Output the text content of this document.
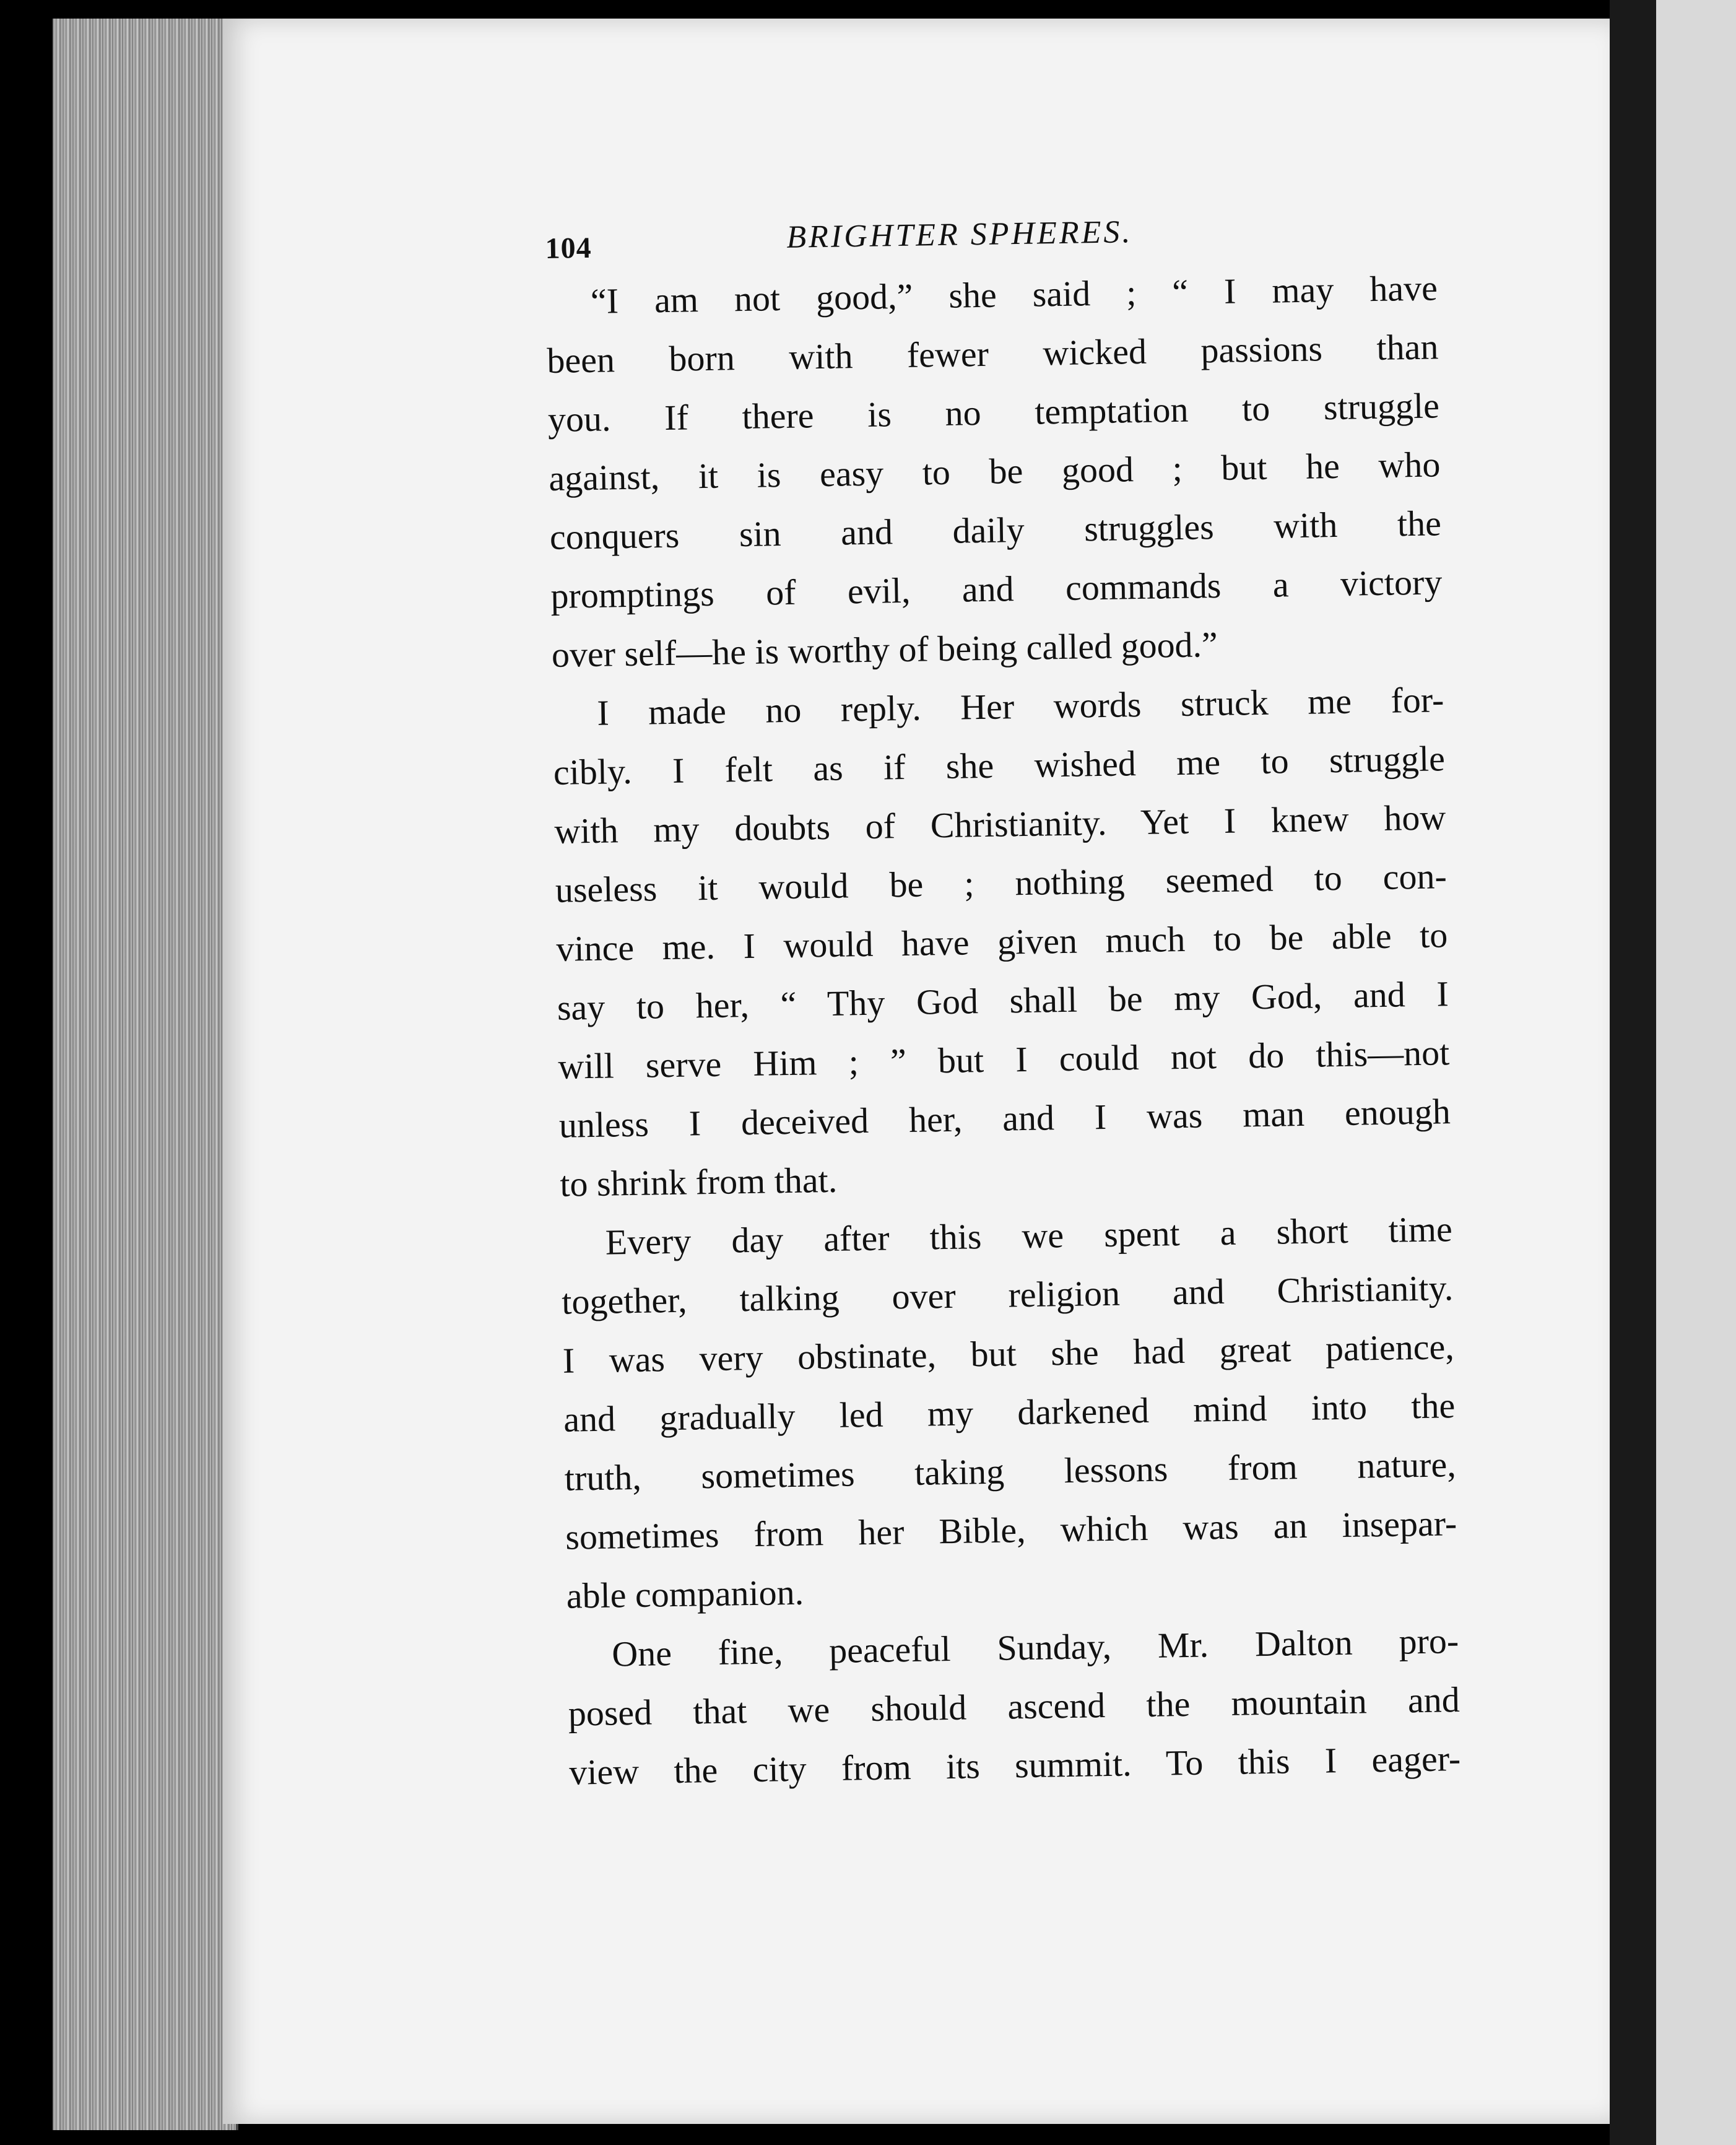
104	BRIGHTER SPHERES.

“I am not good,” she said ; “ I may have
been born with fewer wicked passions than
you. If there is no temptation to struggle
against, it is easy to be good ; but he who
conquers sin and daily struggles with the
promptings of evil, and commands a victory
over self—he is worthy of being called good.”

I made no reply. Her words struck me for-
cibly. I felt as if she wished me to struggle
with my doubts of Christianity. Yet I knew how
useless it would be ; nothing seemed to con-
vince me. I would have given much to be able to
say to her, “ Thy God shall be my God, and I
will serve Him ; ” but I could not do this—not
unless I deceived her, and I was man enough
to shrink from that.

Every day after this we spent a short time
together, talking over religion and Christianity.
I was very obstinate, but she had great patience,
and gradually led my darkened mind into the
truth, sometimes taking lessons from nature,
sometimes from her Bible, which was an insepar-
able companion.

One fine, peaceful Sunday, Mr. Dalton pro-
posed that we should ascend the mountain and
view the city from its summit. To this I eager-
